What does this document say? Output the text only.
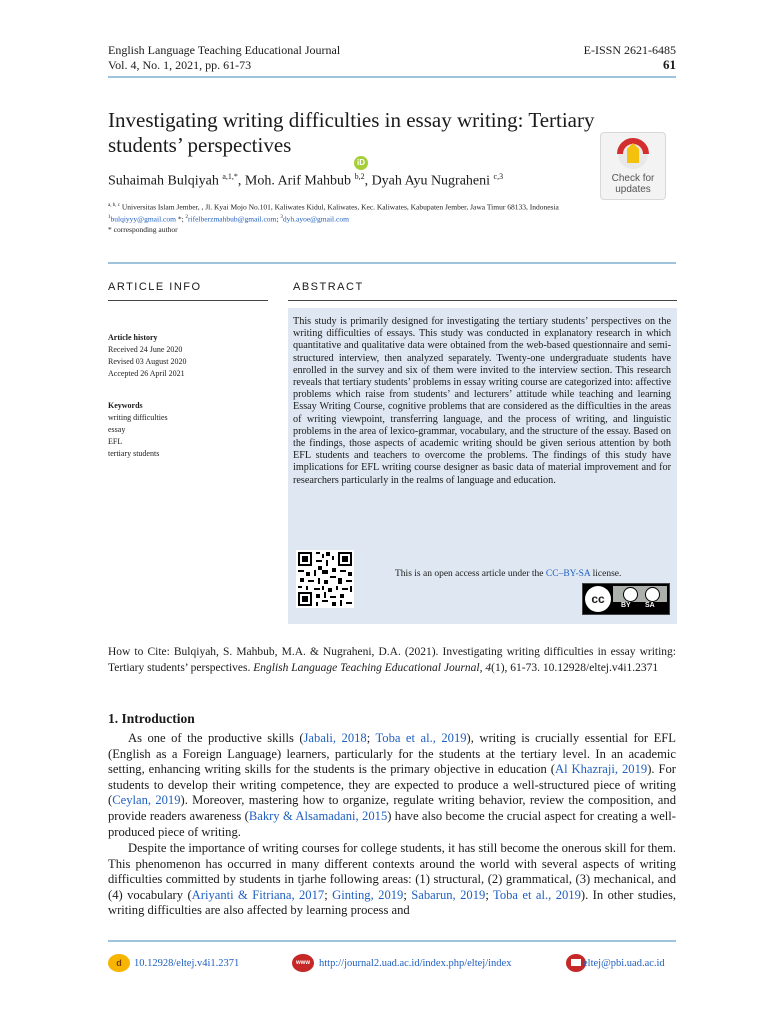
English Language Teaching Educational Journal
Vol. 4, No. 1, 2021, pp. 61-73
E-ISSN 2621-6485
61
Investigating writing difficulties in essay writing: Tertiary students’ perspectives
Check for updates
Suhaimah Bulqiyah $^{a,1,*}$, Moh. Arif Mahbub $^{b,2}$, Dyah Ayu Nugraheni $^{c,3}$
iD
$^{a, b, c}$ Universitas Islam Jember, , Jl. Kyai Mojo No.101, Kaliwates Kidul, Kaliwates, Kec. Kaliwates, Kabupaten Jember, Jawa Timur 68133, Indonesia
$^1$bulqiyyy@gmail.com *; $^2$rifelberzmahbub@gmail.com; $^3$dyh.ayoe@gmail.com
* corresponding author
ARTICLE INFO
Article history
Received 24 June 2020
Revised 03 August 2020
Accepted 26 April 2021
Keywords
writing difficulties
essay
EFL
tertiary students
ABSTRACT
This study is primarily designed for investigating the tertiary students’ perspectives on the writing difficulties of essays. This study was conducted in explanatory research in which quantitative and qualitative data were obtained from the web-based questionnaire and semi-structured interview, then analyzed separately. Twenty-one undergraduate students have enrolled in the survey and six of them were invited to the interview section. This research reveals that tertiary students’ problems in essay writing course are categorized into: affective problems which raise from students’ and lecturers’ attitude while teaching and learning Essay Writing Course, cognitive problems that are considered as the difficulties in the areas of writing viewpoint, transferring language, and the process of writing, and linguistic problems in the area of lexico-grammar, vocabulary, and the structure of the essay. Based on the findings, those aspects of academic writing should be given serious attention by both EFL students and teachers to overcome the problems. The findings of this study have implications for EFL writing course designer as basic data of material improvement and for researchers particularly in the realms of language and education.
This is an open access article under the CC–BY-SA license.
cc	BY SA
How to Cite: Bulqiyah, S. Mahbub, M.A. & Nugraheni, D.A. (2021). Investigating writing difficulties in essay writing: Tertiary students’ perspectives. English Language Teaching Educational Journal, 4(1), 61-73. 10.12928/eltej.v4i1.2371
1. Introduction
As one of the productive skills (Jabali, 2018; Toba et al., 2019), writing is crucially essential for EFL (English as a Foreign Language) learners, particularly for the students at the tertiary level. In an academic setting, enhancing writing skills for the students is the primary objective in education (Al Khazraji, 2019). For students to develop their writing competence, they are expected to produce a well-structured piece of writing (Ceylan, 2019). Moreover, mastering how to organize, regulate writing behavior, review the composition, and provide readers awareness (Bakry & Alsamadani, 2015) have also become the crucial aspect for creating a well-produced piece of writing.
Despite the importance of writing courses for college students, it has still become the onerous skill for them. This phenomenon has occurred in many different contexts around the world with several aspects of writing difficulties committed by students in tjarhe following areas: (1) structural, (2) grammatical, (3) mechanical, and (4) vocabulary (Ariyanti & Fitriana, 2017; Ginting, 2019; Sabarun, 2019; Toba et al., 2019). In other studies, writing difficulties are also affected by learning process and
d	10.12928/eltej.v4i1.2371	www http://journal2.uad.ac.id/index.php/eltej/index	eltej@pbi.uad.ac.id
